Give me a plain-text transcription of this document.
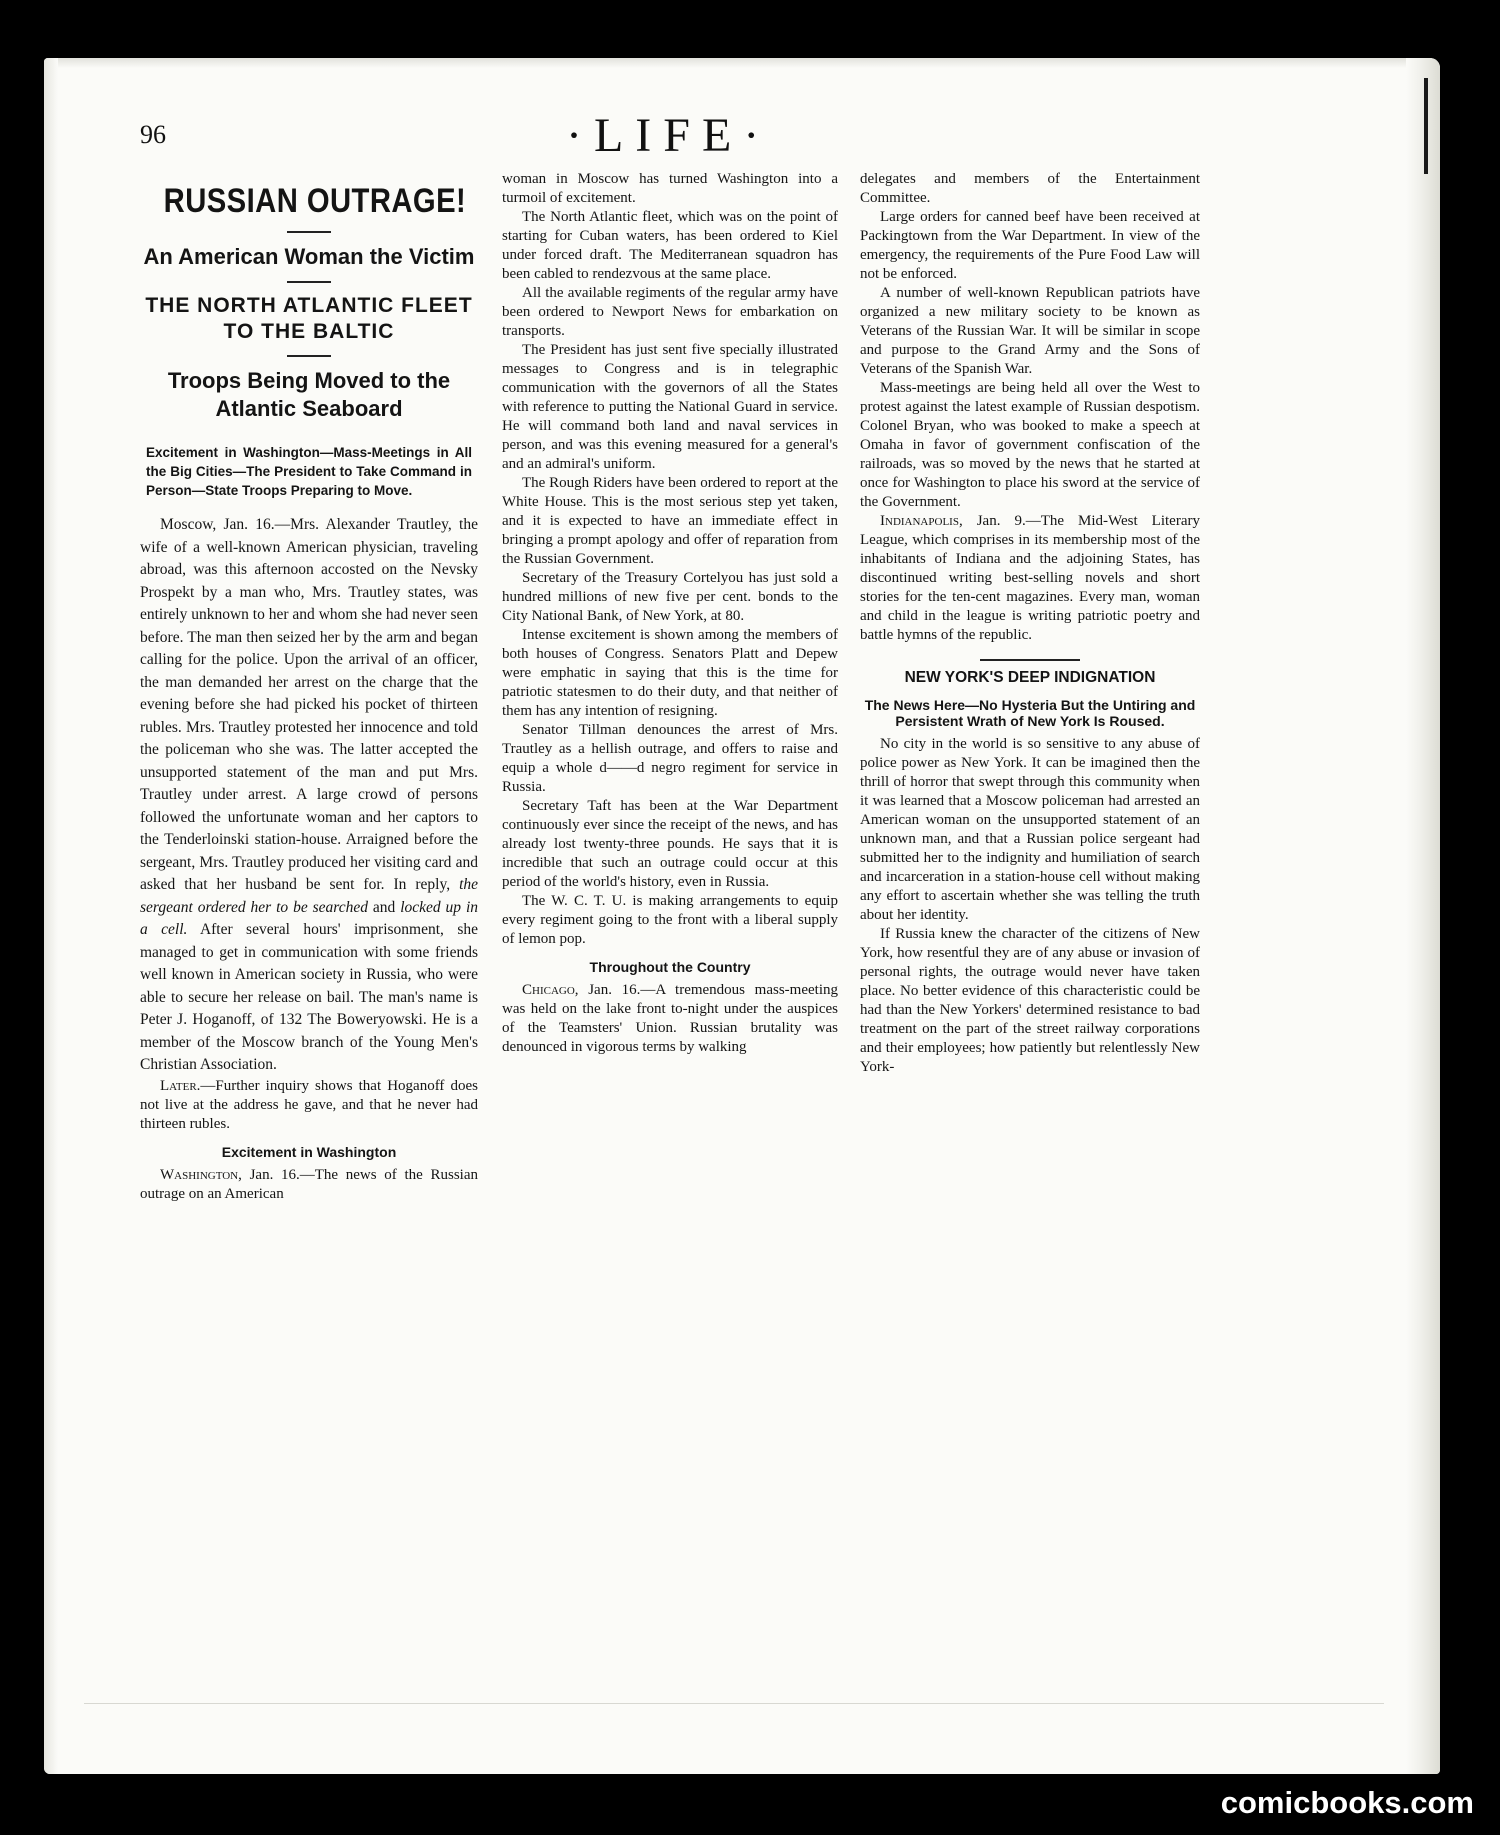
96	·LIFE·
RUSSIAN OUTRAGE!
An American Woman the Victim
THE NORTH ATLANTIC FLEET TO THE BALTIC
Troops Being Moved to the Atlantic Seaboard
Excitement in Washington—Mass-Meetings in All the Big Cities—The President to Take Command in Person—State Troops Preparing to Move.

Moscow, Jan. 16.—Mrs. Alexander Trautley, the wife of a well-known American physician, traveling abroad, was this afternoon accosted on the Nevsky Prospekt by a man who, Mrs. Trautley states, was entirely unknown to her and whom she had never seen before. The man then seized her by the arm and began calling for the police. Upon the arrival of an officer, the man demanded her arrest on the charge that the evening before she had picked his pocket of thirteen rubles. Mrs. Trautley protested her innocence and told the policeman who she was. The latter accepted the unsupported statement of the man and put Mrs. Trautley under arrest. A large crowd of persons followed the unfortunate woman and her captors to the Tenderloinski station-house. Arraigned before the sergeant, Mrs. Trautley produced her visiting card and asked that her husband be sent for. In reply, the sergeant ordered her to be searched and locked up in a cell. After several hours' imprisonment, she managed to get in communication with some friends well known in American society in Russia, who were able to secure her release on bail. The man's name is Peter J. Hoganoff, of 132 The Boweryowski. He is a member of the Moscow branch of the Young Men's Christian Association.

Later.—Further inquiry shows that Hoganoff does not live at the address he gave, and that he never had thirteen rubles.

Excitement in Washington

Washington, Jan. 16.—The news of the Russian outrage on an American

woman in Moscow has turned Washington into a turmoil of excitement.

The North Atlantic fleet, which was on the point of starting for Cuban waters, has been ordered to Kiel under forced draft. The Mediterranean squadron has been cabled to rendezvous at the same place.

All the available regiments of the regular army have been ordered to Newport News for embarkation on transports.

The President has just sent five specially illustrated messages to Congress and is in telegraphic communication with the governors of all the States with reference to putting the National Guard in service. He will command both land and naval services in person, and was this evening measured for a general's and an admiral's uniform.

The Rough Riders have been ordered to report at the White House. This is the most serious step yet taken, and it is expected to have an immediate effect in bringing a prompt apology and offer of reparation from the Russian Government.

Secretary of the Treasury Cortelyou has just sold a hundred millions of new five per cent. bonds to the City National Bank, of New York, at 80.

Intense excitement is shown among the members of both houses of Congress. Senators Platt and Depew were emphatic in saying that this is the time for patriotic statesmen to do their duty, and that neither of them has any intention of resigning.

Senator Tillman denounces the arrest of Mrs. Trautley as a hellish outrage, and offers to raise and equip a whole d——d negro regiment for service in Russia.

Secretary Taft has been at the War Department continuously ever since the receipt of the news, and has already lost twenty-three pounds. He says that it is incredible that such an outrage could occur at this period of the world's history, even in Russia.

The W. C. T. U. is making arrangements to equip every regiment going to the front with a liberal supply of lemon pop.

Throughout the Country

Chicago, Jan. 16.—A tremendous mass-meeting was held on the lake front to-night under the auspices of the Teamsters' Union. Russian brutality was denounced in vigorous terms by walking

delegates and members of the Entertainment Committee.

Large orders for canned beef have been received at Packingtown from the War Department. In view of the emergency, the requirements of the Pure Food Law will not be enforced.

A number of well-known Republican patriots have organized a new military society to be known as Veterans of the Russian War. It will be similar in scope and purpose to the Grand Army and the Sons of Veterans of the Spanish War.

Mass-meetings are being held all over the West to protest against the latest example of Russian despotism. Colonel Bryan, who was booked to make a speech at Omaha in favor of government confiscation of the railroads, was so moved by the news that he started at once for Washington to place his sword at the service of the Government.

Indianapolis, Jan. 9.—The Mid-West Literary League, which comprises in its membership most of the inhabitants of Indiana and the adjoining States, has discontinued writing best-selling novels and short stories for the ten-cent magazines. Every man, woman and child in the league is writing patriotic poetry and battle hymns of the republic.

NEW YORK'S DEEP INDIGNATION
The News Here—No Hysteria But the Untiring and Persistent Wrath of New York Is Roused.

No city in the world is so sensitive to any abuse of police power as New York. It can be imagined then the thrill of horror that swept through this community when it was learned that a Moscow policeman had arrested an American woman on the unsupported statement of an unknown man, and that a Russian police sergeant had submitted her to the indignity and humiliation of search and incarceration in a station-house cell without making any effort to ascertain whether she was telling the truth about her identity.

If Russia knew the character of the citizens of New York, how resentful they are of any abuse or invasion of personal rights, the outrage would never have taken place. No better evidence of this characteristic could be had than the New Yorkers' determined resistance to bad treatment on the part of the street railway corporations and their employees; how patiently but relentlessly New York-

comicbooks.com
